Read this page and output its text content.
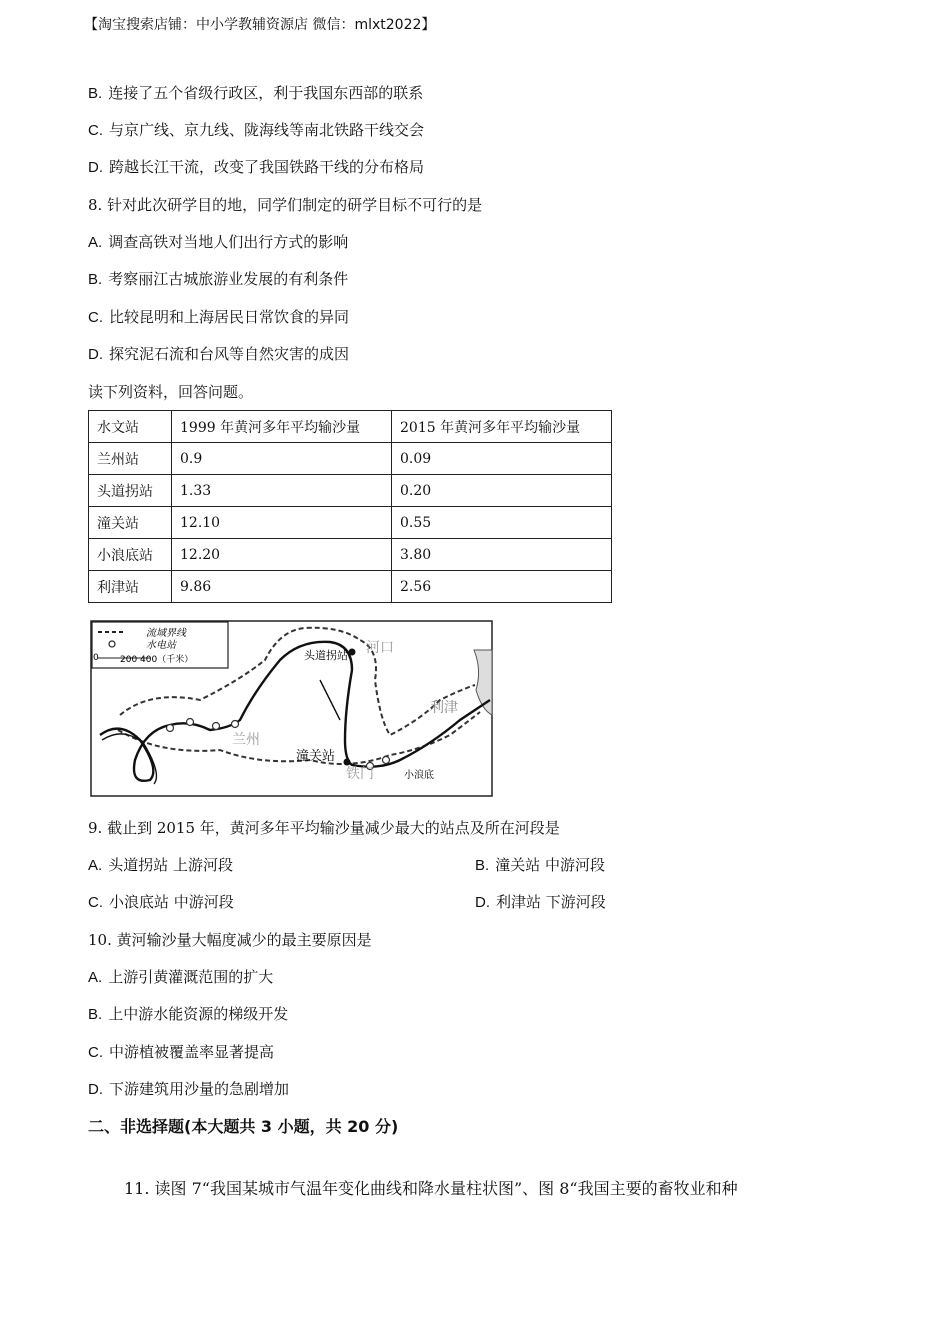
【淘宝搜索店铺：中小学教辅资源店 微信：mlxt2022】
B. 连接了五个省级行政区，利于我国东西部的联系
C. 与京广线、京九线、陇海线等南北铁路干线交会
D. 跨越长江干流，改变了我国铁路干线的分布格局
8. 针对此次研学目的地，同学们制定的研学目标不可行的是
A. 调查高铁对当地人们出行方式的影响
B. 考察丽江古城旅游业发展的有利条件
C. 比较昆明和上海居民日常饮食的异同
D. 探究泥石流和台风等自然灾害的成因
读下列资料，回答问题。
水文站	1999 年黄河多年平均输沙量	2015 年黄河多年平均输沙量
兰州站	0.9	0.09
头道拐站	1.33	0.20
潼关站	12.10	0.55
小浪底站	12.20	3.80
利津站	9.86	2.56
流域界线
水电站
0 200 400（千米）	头道拐站 河口
利津
兰州
潼关站
铁门	小浪底
9. 截止到 2015 年，黄河多年平均输沙量减少最大的站点及所在河段是
A. 头道拐站 上游河段	B. 潼关站 中游河段
C. 小浪底站 中游河段	D. 利津站 下游河段
10. 黄河输沙量大幅度减少的最主要原因是
A. 上游引黄灌溉范围的扩大
B. 上中游水能资源的梯级开发
C. 中游植被覆盖率显著提高
D. 下游建筑用沙量的急剧增加
二、非选择题(本大题共 3 小题，共 20 分)
11. 读图 7“我国某城市气温年变化曲线和降水量柱状图”、图 8“我国主要的畜牧业和种
